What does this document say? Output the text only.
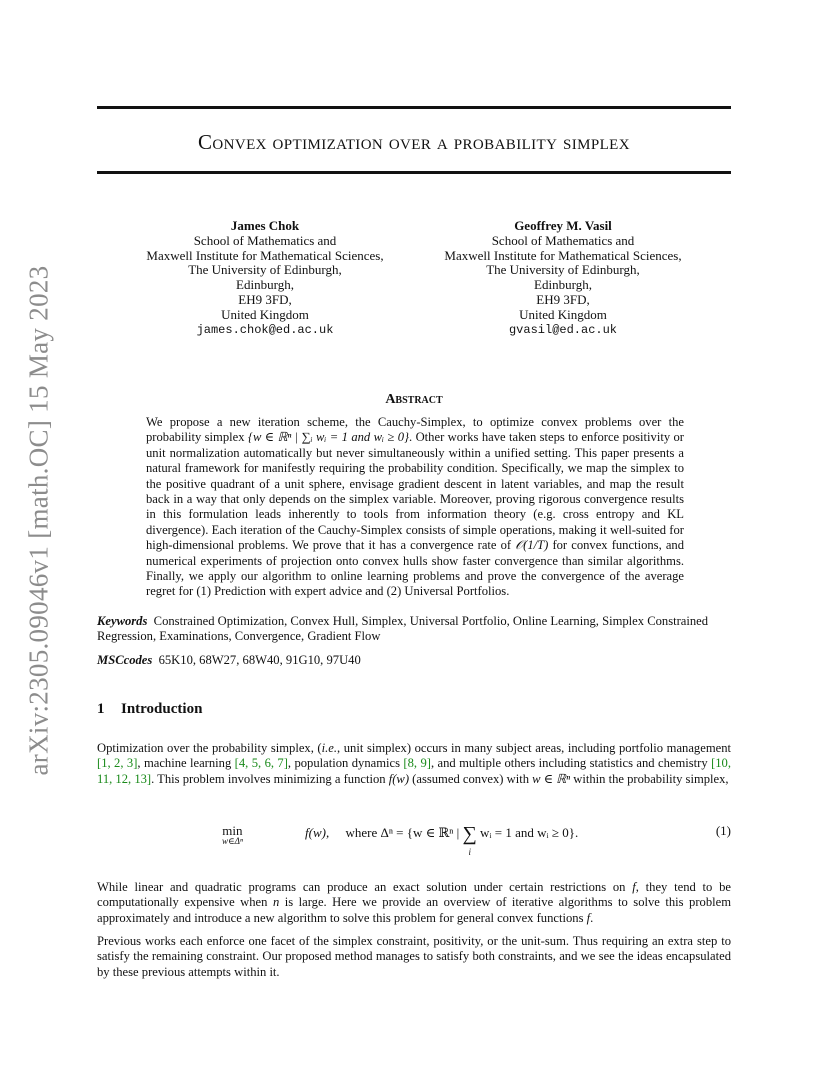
arXiv:2305.09046v1 [math.OC] 15 May 2023
Convex optimization over a probability simplex
James Chok
School of Mathematics and
Maxwell Institute for Mathematical Sciences,
The University of Edinburgh,
Edinburgh,
EH9 3FD,
United Kingdom
james.chok@ed.ac.uk
Geoffrey M. Vasil
School of Mathematics and
Maxwell Institute for Mathematical Sciences,
The University of Edinburgh,
Edinburgh,
EH9 3FD,
United Kingdom
gvasil@ed.ac.uk
Abstract
We propose a new iteration scheme, the Cauchy-Simplex, to optimize convex problems over the probability simplex {w ∈ ℝⁿ | ∑ᵢ wᵢ = 1 and wᵢ ≥ 0}. Other works have taken steps to enforce positivity or unit normalization automatically but never simultaneously within a unified setting. This paper presents a natural framework for manifestly requiring the probability condition. Specifically, we map the simplex to the positive quadrant of a unit sphere, envisage gradient descent in latent variables, and map the result back in a way that only depends on the simplex variable. Moreover, proving rigorous convergence results in this formulation leads inherently to tools from information theory (e.g. cross entropy and KL divergence). Each iteration of the Cauchy-Simplex consists of simple operations, making it well-suited for high-dimensional problems. We prove that it has a convergence rate of 𝒪(1/T) for convex functions, and numerical experiments of projection onto convex hulls show faster convergence than similar algorithms. Finally, we apply our algorithm to online learning problems and prove the convergence of the average regret for (1) Prediction with expert advice and (2) Universal Portfolios.
Keywords Constrained Optimization, Convex Hull, Simplex, Universal Portfolio, Online Learning, Simplex Constrained Regression, Examinations, Convergence, Gradient Flow
MSCcodes 65K10, 68W27, 68W40, 91G10, 97U40
1 Introduction
Optimization over the probability simplex, (i.e., unit simplex) occurs in many subject areas, including portfolio management [1, 2, 3], machine learning [4, 5, 6, 7], population dynamics [8, 9], and multiple others including statistics and chemistry [10, 11, 12, 13]. This problem involves minimizing a function f(w) (assumed convex) with w ∈ ℝⁿ within the probability simplex,
min
w∈Δⁿ
f(w), where Δⁿ = {w ∈ ℝⁿ | ∑
i
wᵢ = 1 and wᵢ ≥ 0}.	(1)
While linear and quadratic programs can produce an exact solution under certain restrictions on f, they tend to be computationally expensive when n is large. Here we provide an overview of iterative algorithms to solve this problem approximately and introduce a new algorithm to solve this problem for general convex functions f.
Previous works each enforce one facet of the simplex constraint, positivity, or the unit-sum. Thus requiring an extra step to satisfy the remaining constraint. Our proposed method manages to satisfy both constraints, and we see the ideas encapsulated by these previous attempts within it.
